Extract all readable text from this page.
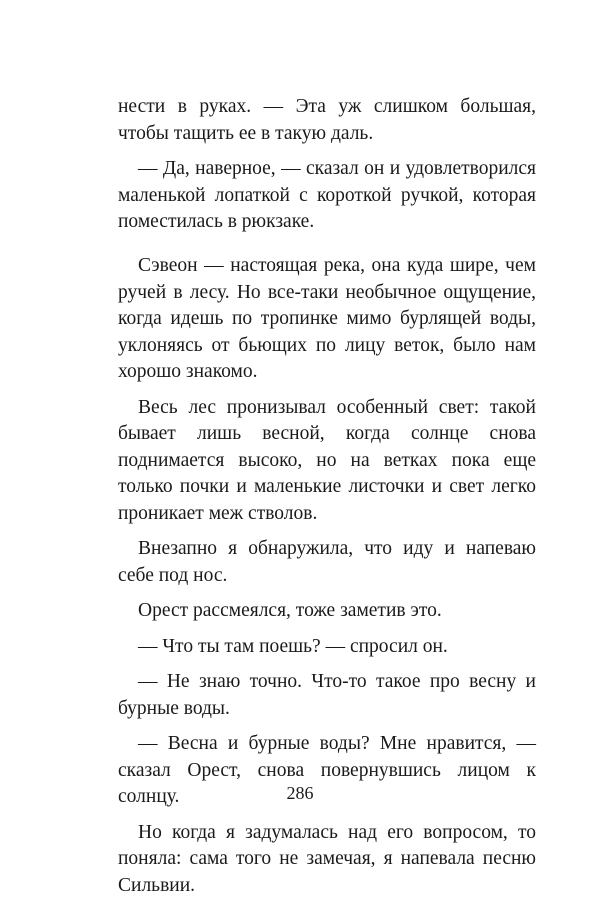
нести в руках. — Эта уж слишком большая, чтобы тащить ее в такую даль.

— Да, наверное, — сказал он и удовлетворился маленькой лопаткой с короткой ручкой, которая поместилась в рюкзаке.

Сэвеон — настоящая река, она куда шире, чем ручей в лесу. Но все-таки необычное ощущение, когда идешь по тропинке мимо бурлящей воды, уклоняясь от бьющих по лицу веток, было нам хорошо знакомо.

Весь лес пронизывал особенный свет: такой бывает лишь весной, когда солнце снова поднимается высоко, но на ветках пока еще только почки и маленькие листочки и свет легко проникает меж стволов.

Внезапно я обнаружила, что иду и напеваю себе под нос.

Орест рассмеялся, тоже заметив это.

— Что ты там поешь? — спросил он.

— Не знаю точно. Что-то такое про весну и бурные воды.

— Весна и бурные воды? Мне нравится, — сказал Орест, снова повернувшись лицом к солнцу.

Но когда я задумалась над его вопросом, то поняла: сама того не замечая, я напевала песню Сильвии.

286
